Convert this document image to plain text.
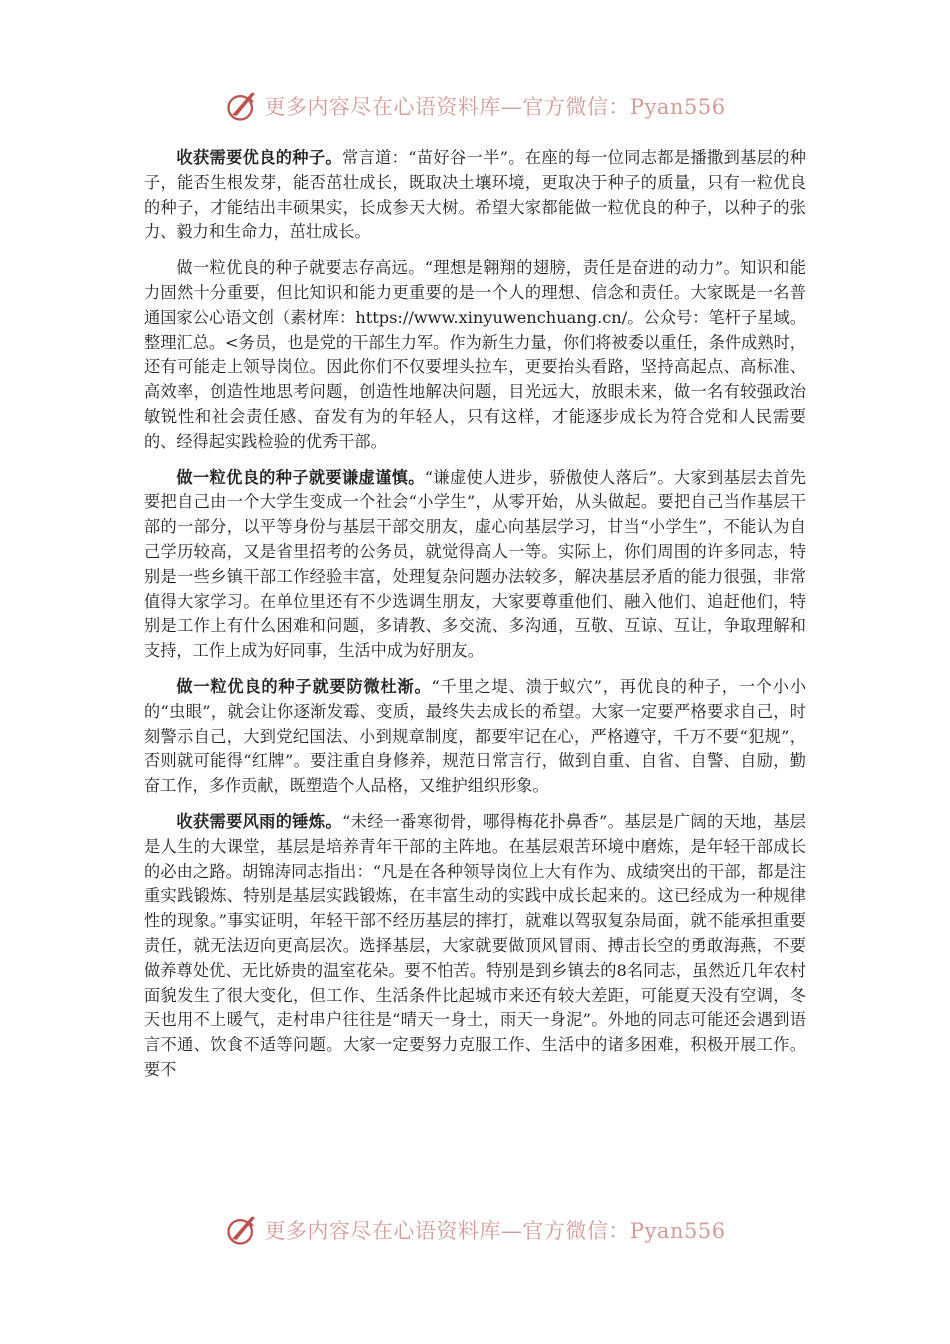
更多内容尽在心语资料库—官方微信：Pyan556

收获需要优良的种子。常言道：“苗好谷一半”。在座的每一位同志都是播撒到基层的种子，能否生根发芽，能否茁壮成长，既取决土壤环境，更取决于种子的质量，只有一粒优良的种子，才能结出丰硕果实，长成参天大树。希望大家都能做一粒优良的种子，以种子的张力、毅力和生命力，茁壮成长。

做一粒优良的种子就要志存高远。“理想是翱翔的翅膀，责任是奋进的动力”。知识和能力固然十分重要，但比知识和能力更重要的是一个人的理想、信念和责任。大家既是一名普通国家公心语文创（素材库：https://www.xinyuwenchuang.cn/。公众号：笔杆子星域。整理汇总。<务员，也是党的干部生力军。作为新生力量，你们将被委以重任，条件成熟时，还有可能走上领导岗位。因此你们不仅要埋头拉车，更要抬头看路，坚持高起点、高标准、高效率，创造性地思考问题，创造性地解决问题，目光远大，放眼未来，做一名有较强政治敏锐性和社会责任感、奋发有为的年轻人，只有这样，才能逐步成长为符合党和人民需要的、经得起实践检验的优秀干部。

做一粒优良的种子就要谦虚谨慎。“谦虚使人进步，骄傲使人落后”。大家到基层去首先要把自己由一个大学生变成一个社会“小学生”，从零开始，从头做起。要把自己当作基层干部的一部分，以平等身份与基层干部交朋友，虚心向基层学习，甘当“小学生”，不能认为自己学历较高，又是省里招考的公务员，就觉得高人一等。实际上，你们周围的许多同志，特别是一些乡镇干部工作经验丰富，处理复杂问题办法较多，解决基层矛盾的能力很强，非常值得大家学习。在单位里还有不少选调生朋友，大家要尊重他们、融入他们、追赶他们，特别是工作上有什么困难和问题，多请教、多交流、多沟通，互敬、互谅、互让，争取理解和支持，工作上成为好同事，生活中成为好朋友。

做一粒优良的种子就要防微杜渐。“千里之堤、溃于蚁穴”，再优良的种子，一个小小的“虫眼”，就会让你逐渐发霉、变质，最终失去成长的希望。大家一定要严格要求自己，时刻警示自己，大到党纪国法、小到规章制度，都要牢记在心，严格遵守，千万不要“犯规”，否则就可能得“红牌”。要注重自身修养，规范日常言行，做到自重、自省、自警、自励，勤奋工作，多作贡献，既塑造个人品格，又维护组织形象。

收获需要风雨的锤炼。“未经一番寒彻骨，哪得梅花扑鼻香”。基层是广阔的天地，基层是人生的大课堂，基层是培养青年干部的主阵地。在基层艰苦环境中磨炼，是年轻干部成长的必由之路。胡锦涛同志指出：“凡是在各种领导岗位上大有作为、成绩突出的干部，都是注重实践锻炼、特别是基层实践锻炼，在丰富生动的实践中成长起来的。这已经成为一种规律性的现象。”事实证明，年轻干部不经历基层的摔打，就难以驾驭复杂局面，就不能承担重要责任，就无法迈向更高层次。选择基层，大家就要做顶风冒雨、搏击长空的勇敢海燕，不要做养尊处优、无比娇贵的温室花朵。要不怕苦。特别是到乡镇去的8名同志，虽然近几年农村面貌发生了很大变化，但工作、生活条件比起城市来还有较大差距，可能夏天没有空调，冬天也用不上暖气，走村串户往往是“晴天一身土，雨天一身泥”。外地的同志可能还会遇到语言不通、饮食不适等问题。大家一定要努力克服工作、生活中的诸多困难，积极开展工作。要不

更多内容尽在心语资料库—官方微信：Pyan556
